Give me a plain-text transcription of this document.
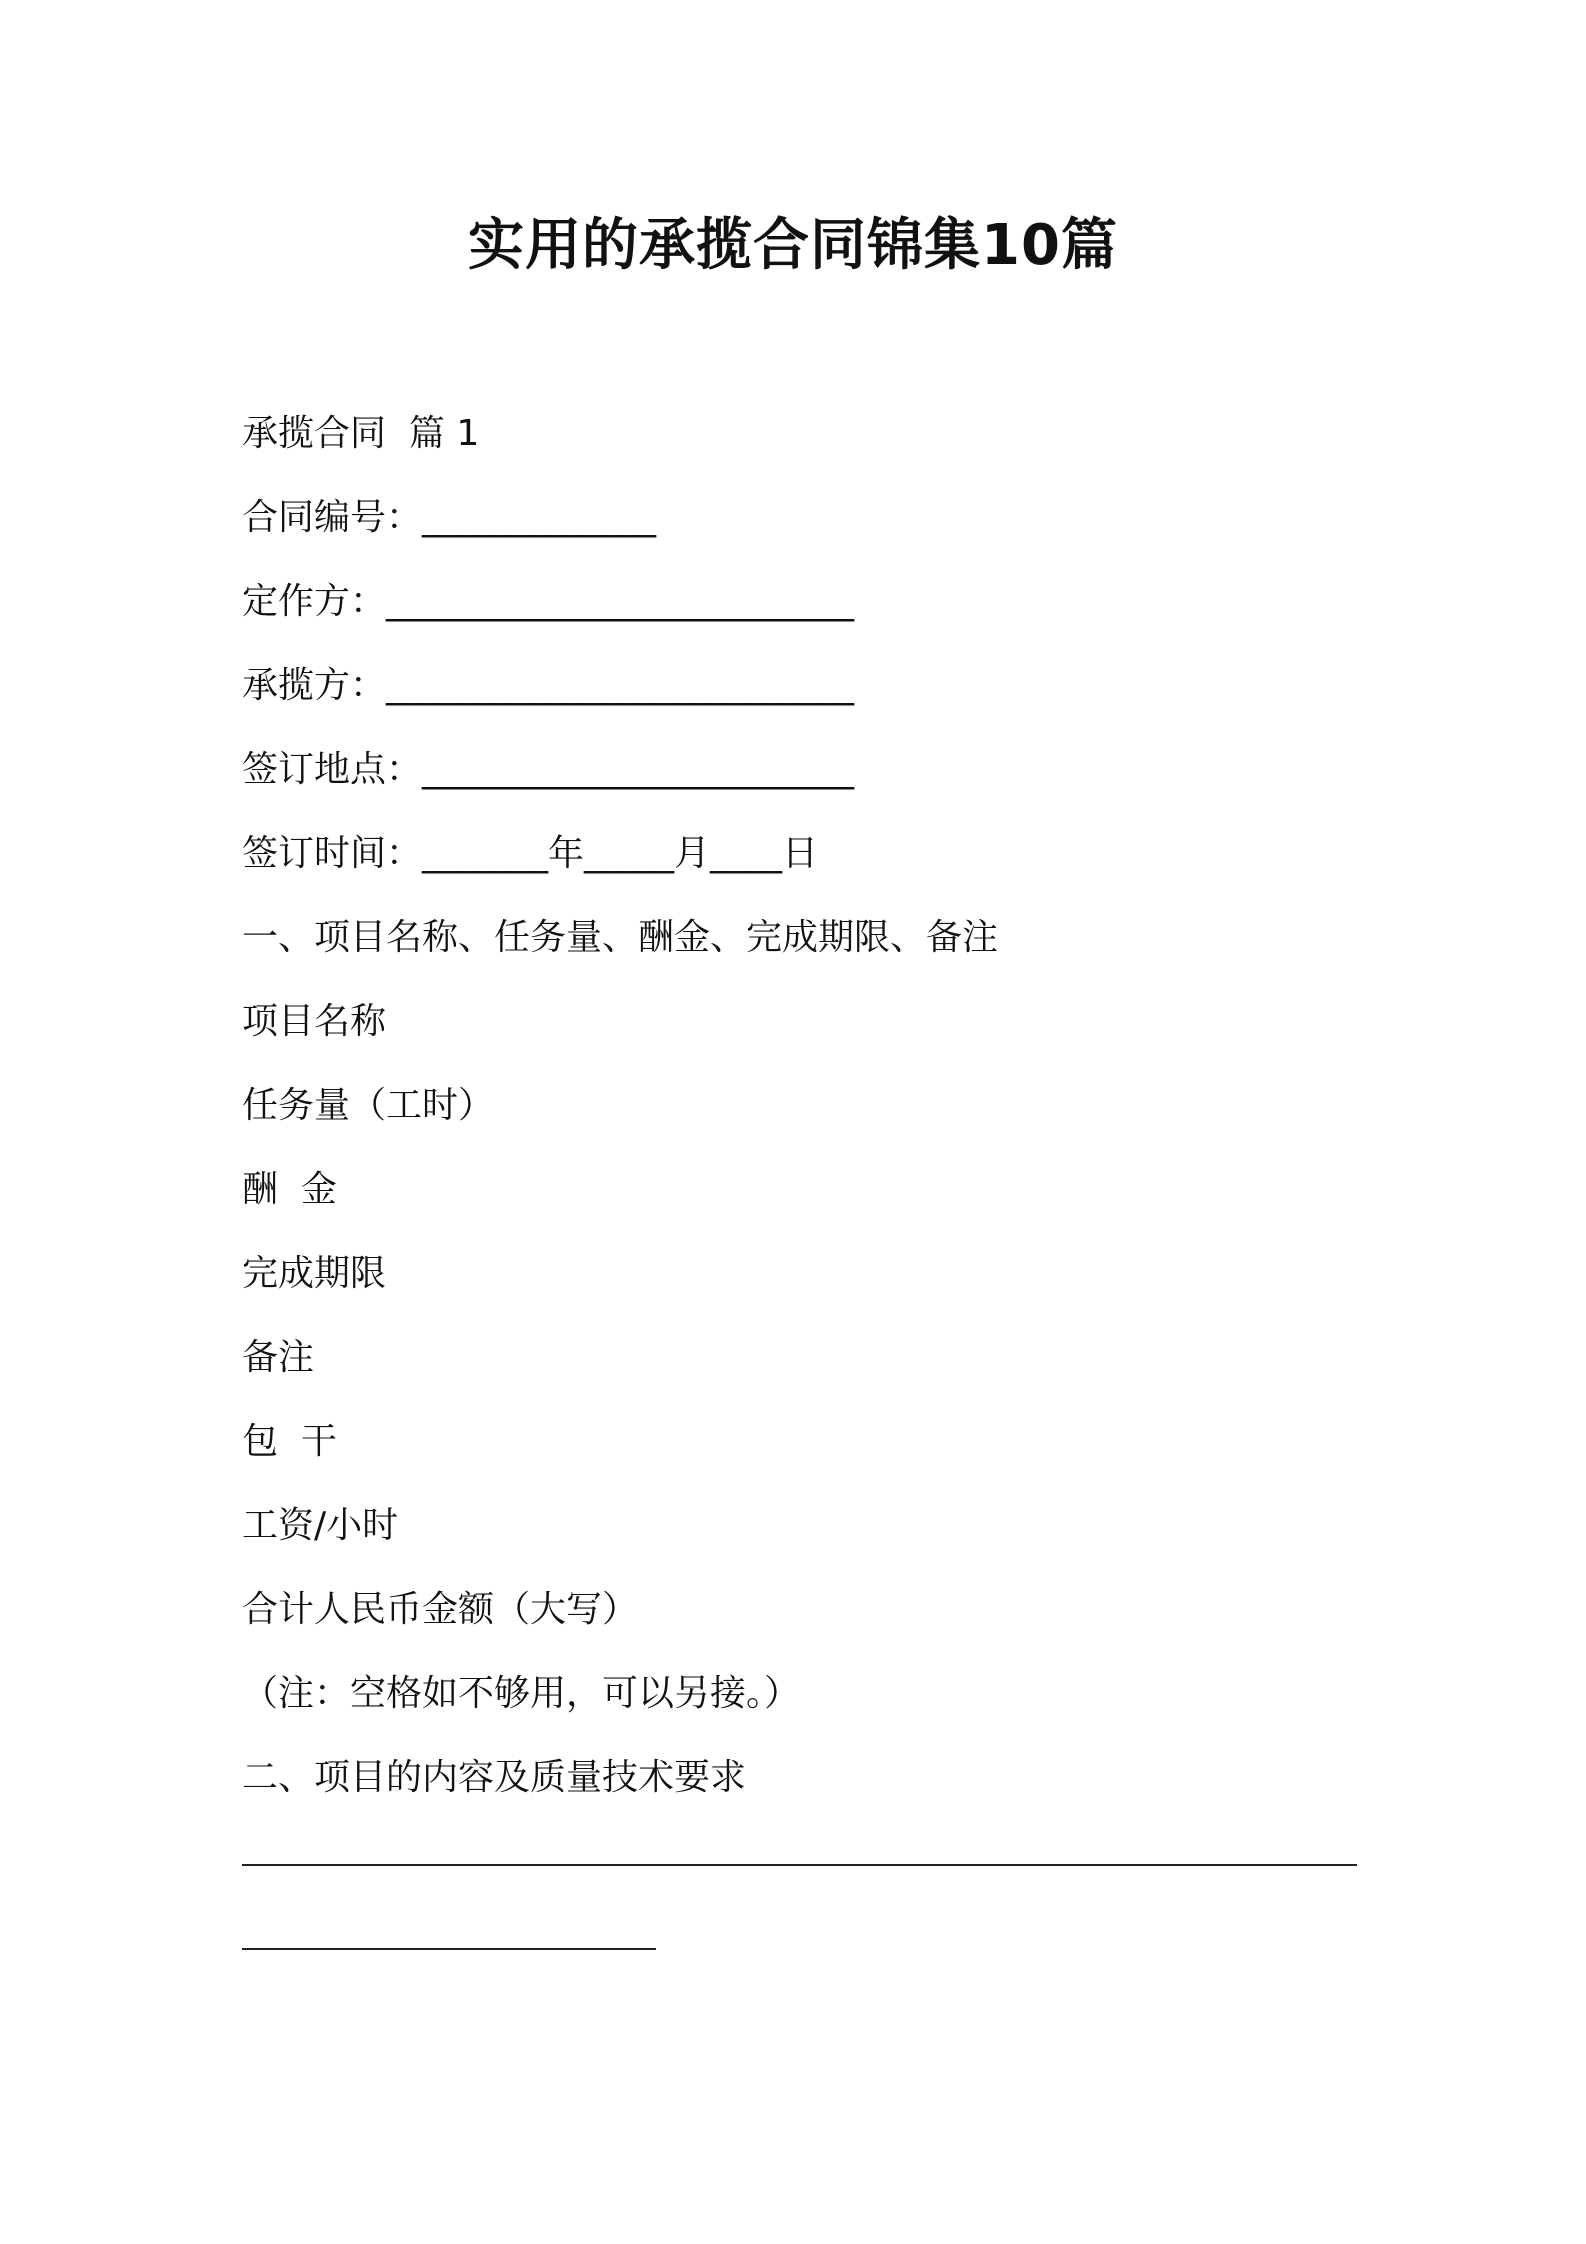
实用的承揽合同锦集10篇
承揽合同  篇 1
合同编号：_____________
定作方：__________________________
承揽方：__________________________
签订地点：________________________
签订时间：_______年_____月____日
一、项目名称、任务量、酬金、完成期限、备注
项目名称
任务量（工时）
酬  金
完成期限
备注
包  干
工资/小时
合计人民币金额（大写）
（注：空格如不够用，可以另接。）
二、项目的内容及质量技术要求
